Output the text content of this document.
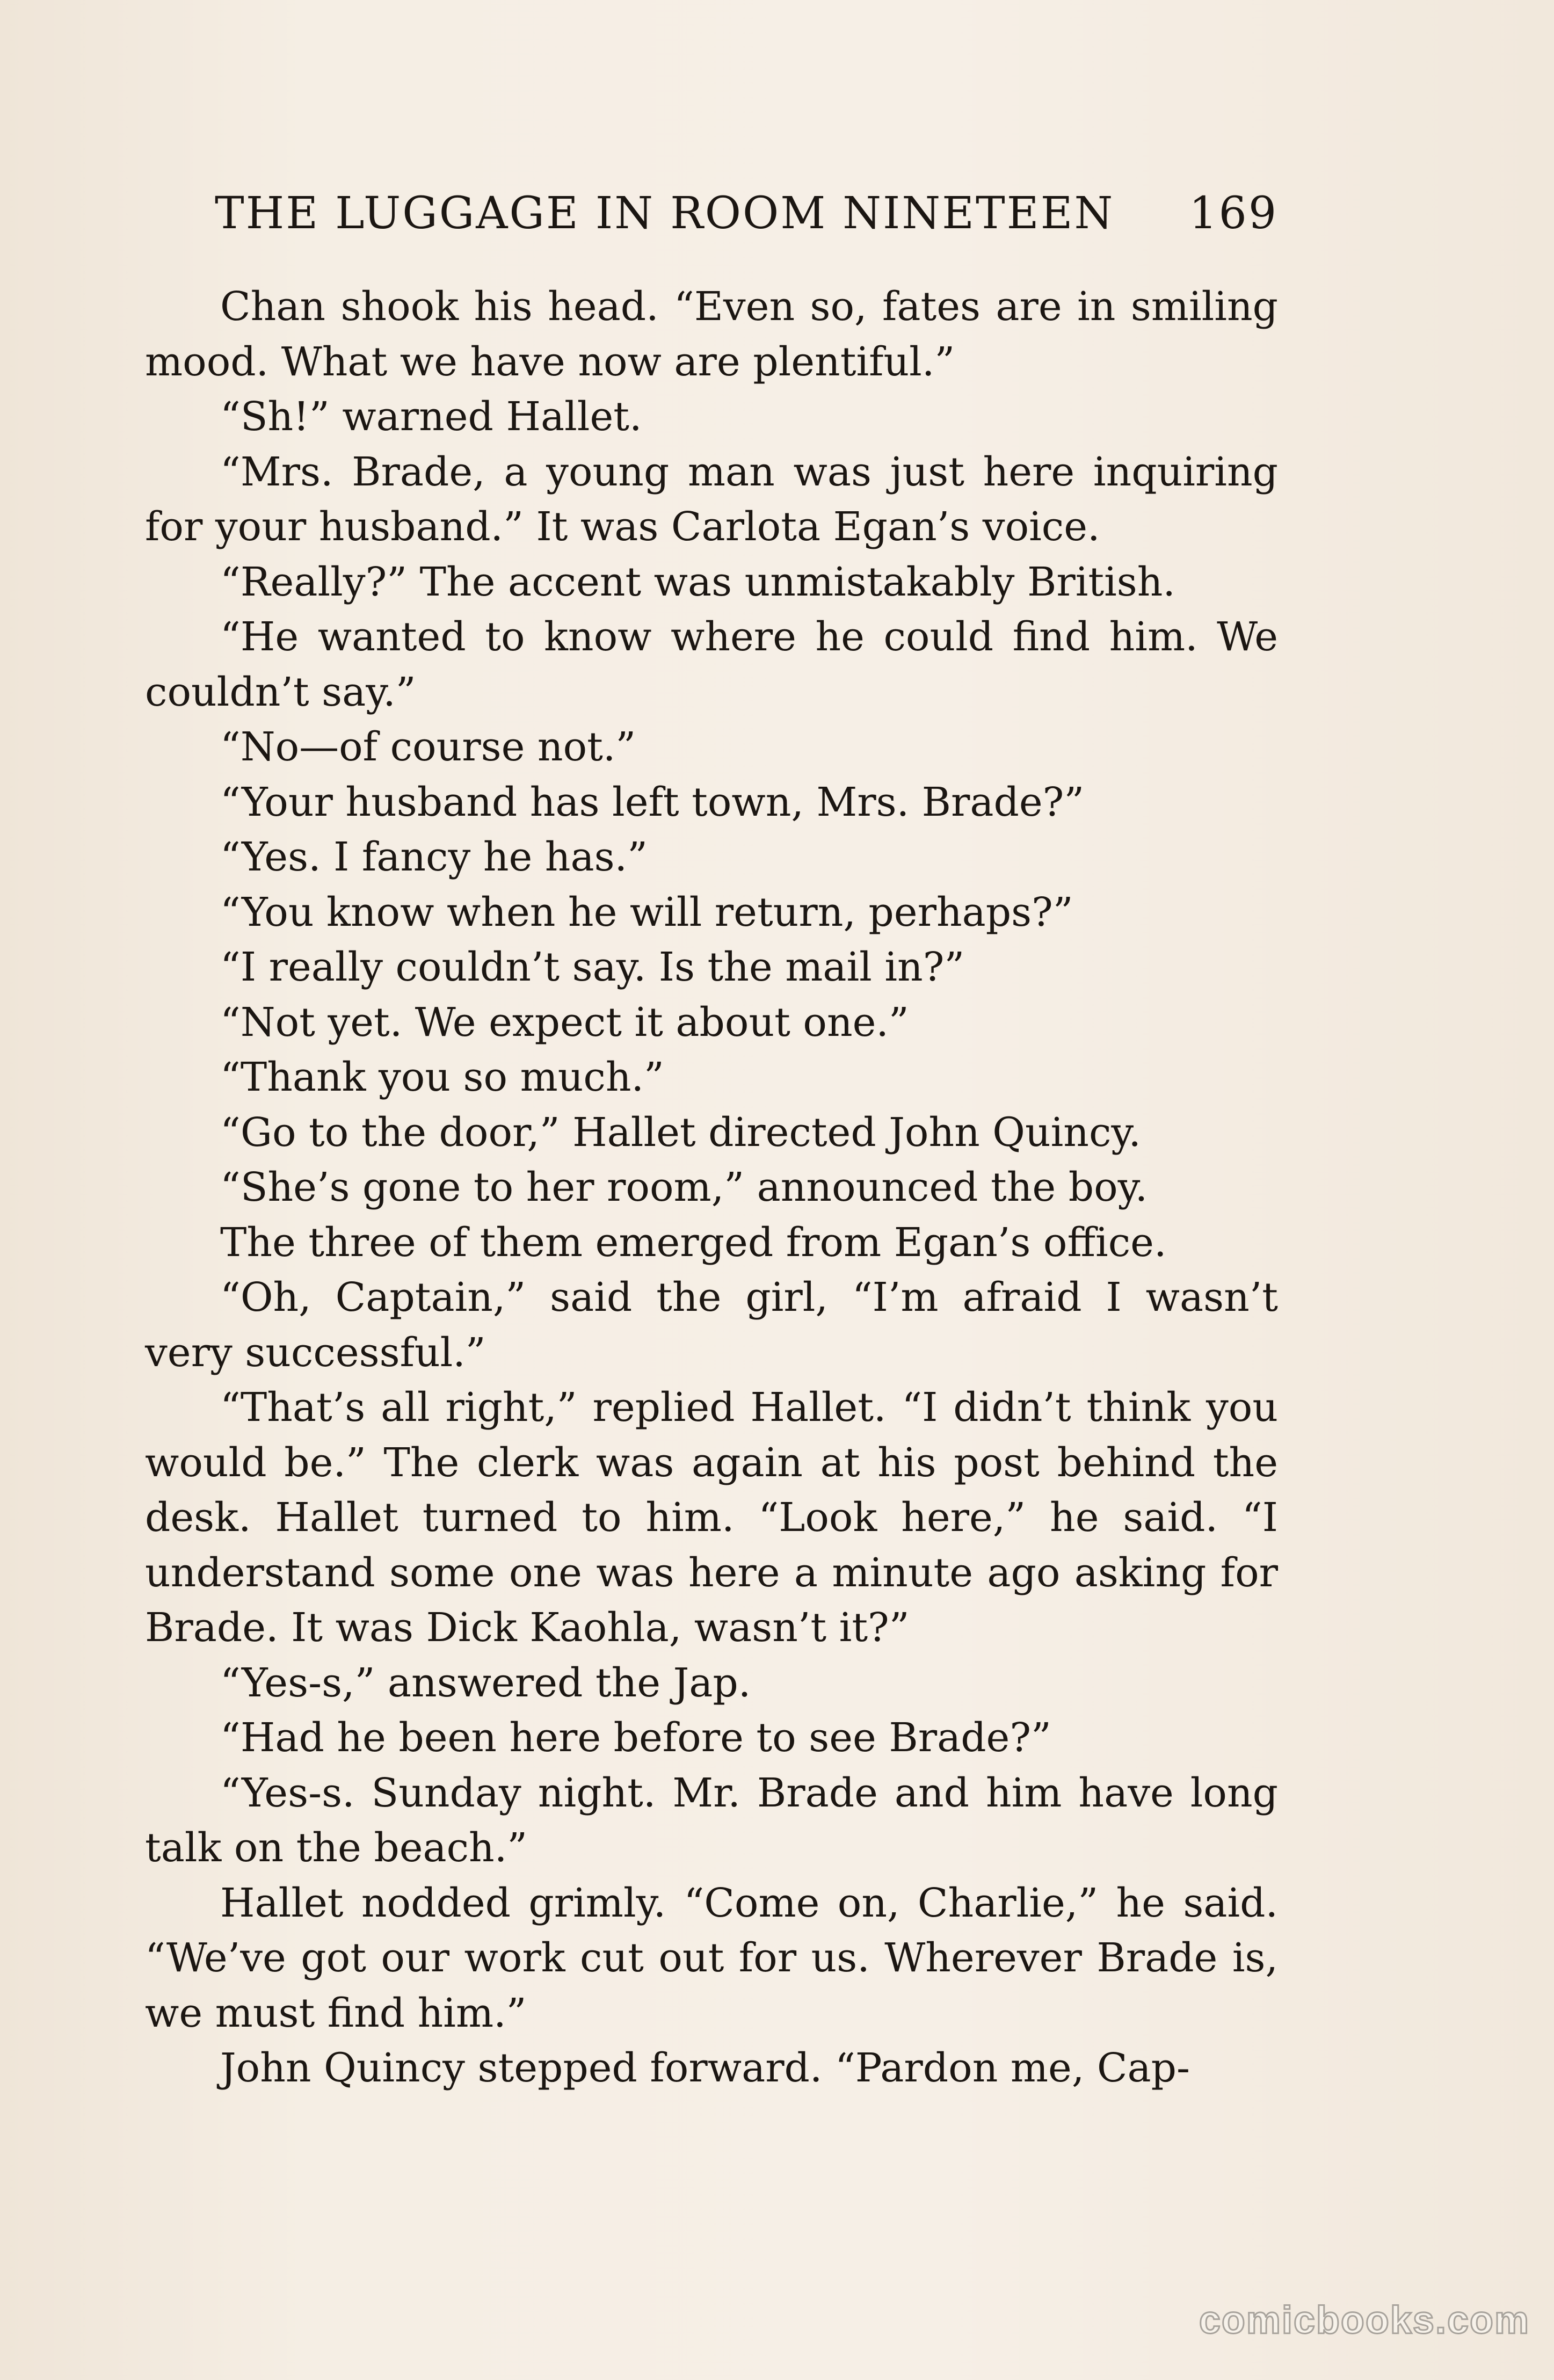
THE LUGGAGE IN ROOM NINETEEN 169

Chan shook his head. “Even so, fates are in smiling mood. What we have now are plentiful.”

“Sh!” warned Hallet.

“Mrs. Brade, a young man was just here inquiring for your husband.” It was Carlota Egan’s voice.

“Really?” The accent was unmistakably British.

“He wanted to know where he could find him. We couldn’t say.”

“No—of course not.”

“Your husband has left town, Mrs. Brade?”

“Yes. I fancy he has.”

“You know when he will return, perhaps?”

“I really couldn’t say. Is the mail in?”

“Not yet. We expect it about one.”

“Thank you so much.”

“Go to the door,” Hallet directed John Quincy.

“She’s gone to her room,” announced the boy.

The three of them emerged from Egan’s office.

“Oh, Captain,” said the girl, “I’m afraid I wasn’t very successful.”

“That’s all right,” replied Hallet. “I didn’t think you would be.” The clerk was again at his post behind the desk. Hallet turned to him. “Look here,” he said. “I understand some one was here a minute ago asking for Brade. It was Dick Kaohla, wasn’t it?”

“Yes-s,” answered the Jap.

“Had he been here before to see Brade?”

“Yes-s. Sunday night. Mr. Brade and him have long talk on the beach.”

Hallet nodded grimly. “Come on, Charlie,” he said. “We’ve got our work cut out for us. Wherever Brade is, we must find him.”

John Quincy stepped forward. “Pardon me, Cap-

comicbooks.com
